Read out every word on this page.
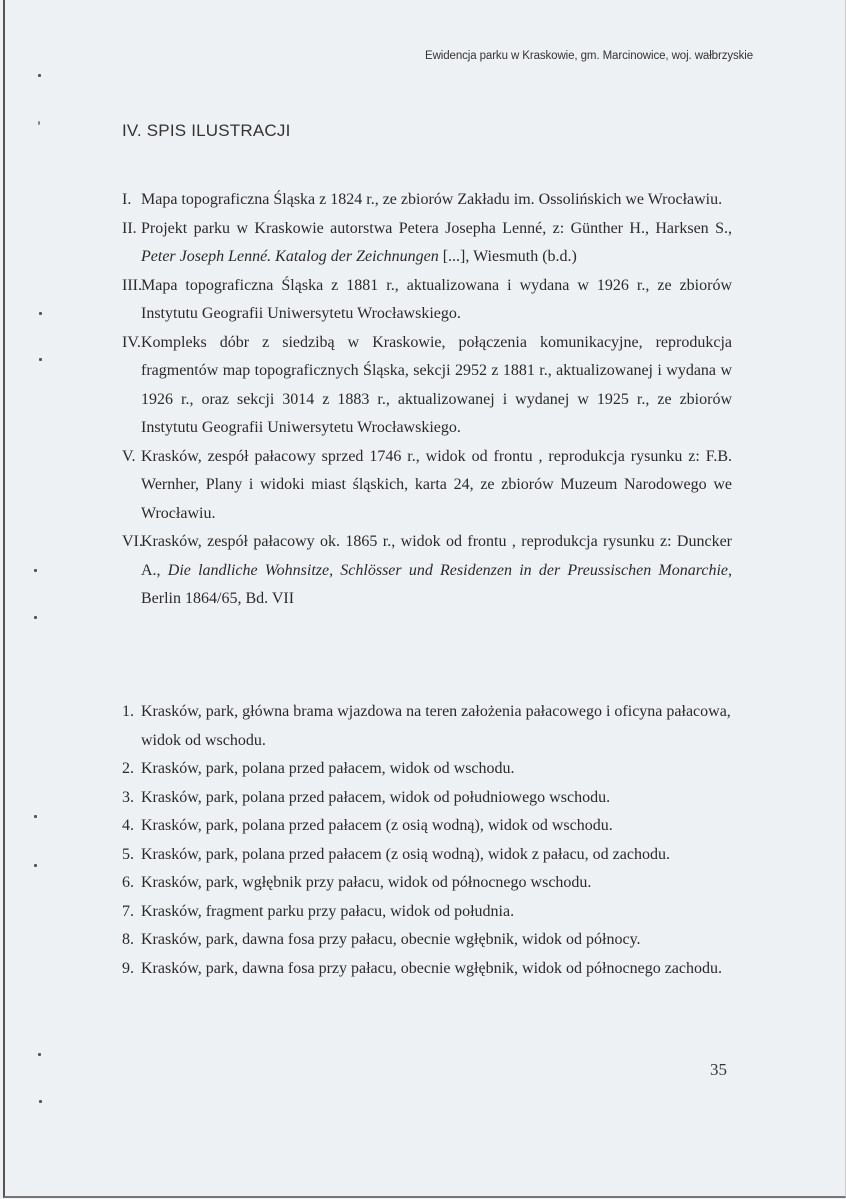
Ewidencja parku w Kraskowie, gm. Marcinowice, woj. wałbrzyskie
IV. SPIS ILUSTRACJI
I. Mapa topograficzna Śląska z 1824 r., ze zbiorów Zakładu im. Ossolińskich we Wrocławiu.
II. Projekt parku w Kraskowie autorstwa Petera Josepha Lenné, z: Günther H., Harksen S., Peter Joseph Lenné. Katalog der Zeichnungen [...], Wiesmuth (b.d.)
III. Mapa topograficzna Śląska z 1881 r., aktualizowana i wydana w 1926 r., ze zbiorów Instytutu Geografii Uniwersytetu Wrocławskiego.
IV. Kompleks dóbr z siedzibą w Kraskowie, połączenia komunikacyjne, reprodukcja fragmentów map topograficznych Śląska, sekcji 2952 z 1881 r., aktualizowanej i wydana w 1926 r., oraz sekcji 3014 z 1883 r., aktualizowanej i wydanej w 1925 r., ze zbiorów Instytutu Geografii Uniwersytetu Wrocławskiego.
V. Krasków, zespół pałacowy sprzed 1746 r., widok od frontu , reprodukcja rysunku z: F.B. Wernher, Plany i widoki miast śląskich, karta 24, ze zbiorów Muzeum Narodowego we Wrocławiu.
VI.
Krasków, zespół pałacowy ok. 1865 r., widok od frontu , reprodukcja rysunku z: Duncker A., Die landliche Wohnsitze, Schlösser und Residenzen in der Preussischen Monarchie, Berlin 1864/65, Bd. VII
1. Krasków, park, główna brama wjazdowa na teren założenia pałacowego i oficyna pałacowa, widok od wschodu.
2. Krasków, park, polana przed pałacem, widok od wschodu.
3. Krasków, park, polana przed pałacem, widok od południowego wschodu.
4. Krasków, park, polana przed pałacem (z osią wodną), widok od wschodu.
5. Krasków, park, polana przed pałacem (z osią wodną), widok z pałacu, od zachodu.
6. Krasków, park, wgłębnik przy pałacu, widok od północnego wschodu.
7. Krasków, fragment parku przy pałacu, widok od południa.
8. Krasków, park, dawna fosa przy pałacu, obecnie wgłębnik, widok od północy.
9. Krasków, park, dawna fosa przy pałacu, obecnie wgłębnik, widok od północnego zachodu.
35
